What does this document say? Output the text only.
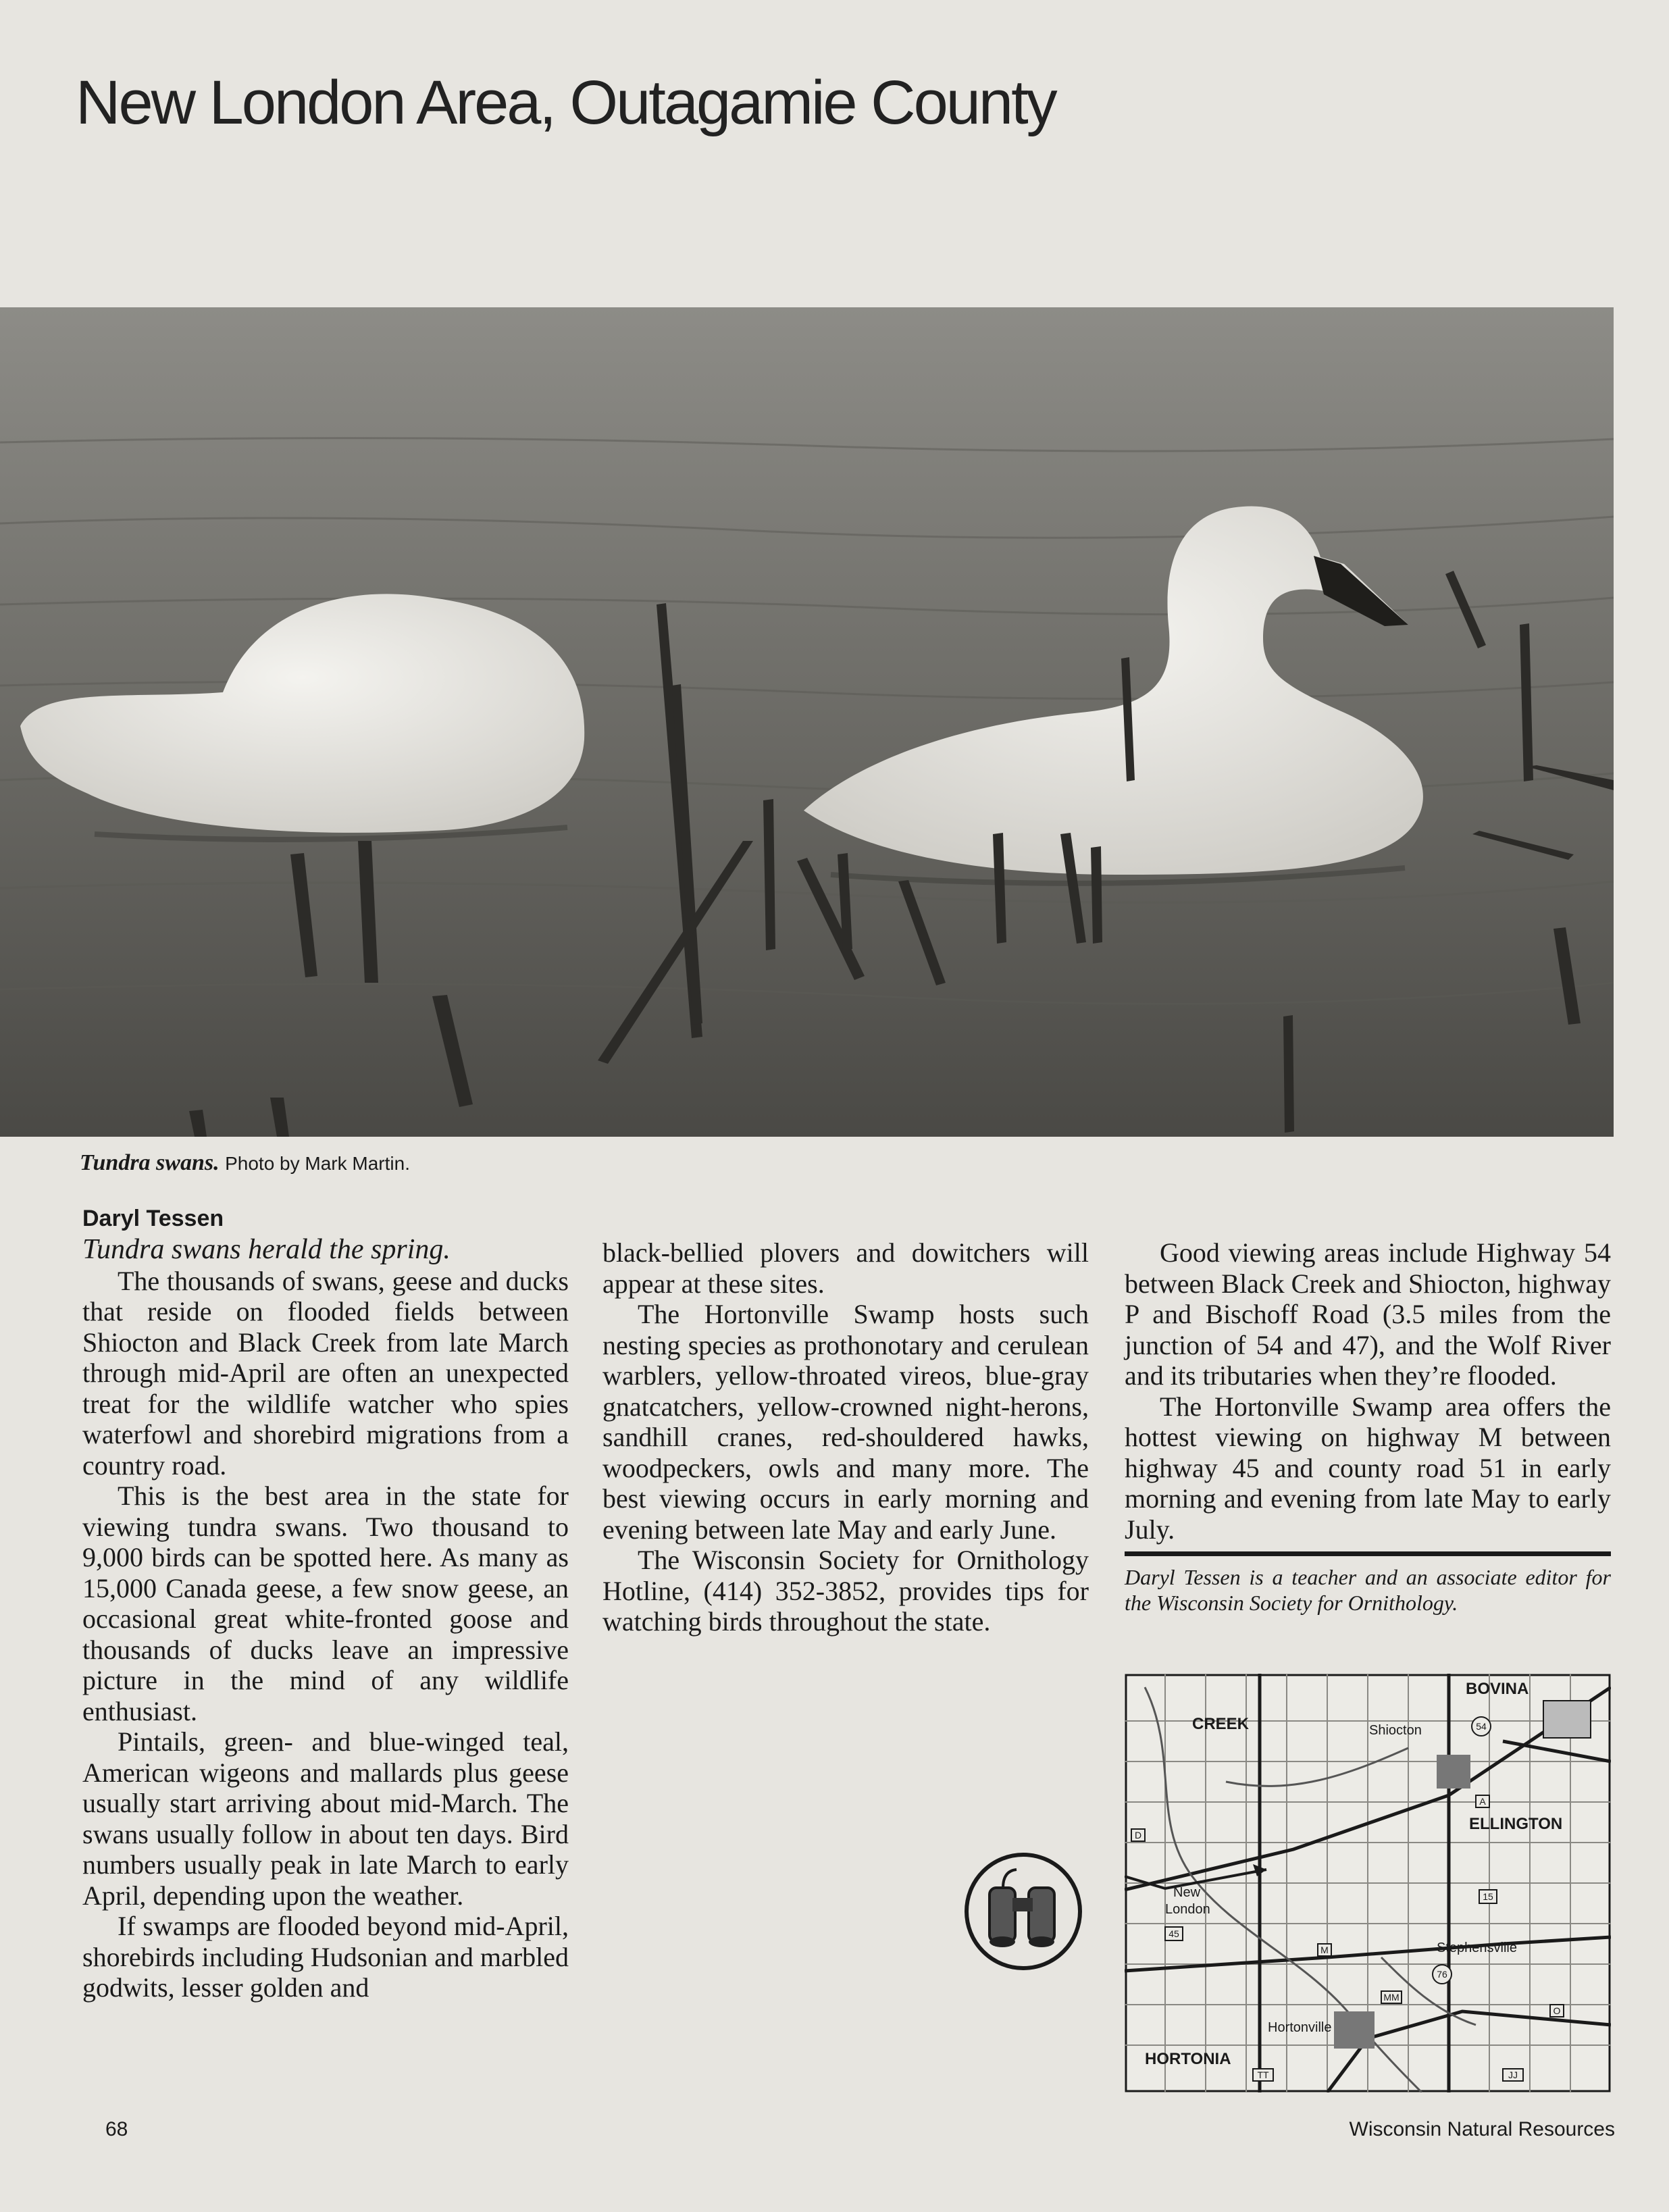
New London Area, Outagamie County
Tundra swans. Photo by Mark Martin.
Daryl Tessen

Tundra swans herald the spring.

The thousands of swans, geese and ducks that reside on flooded fields between Shiocton and Black Creek from late March through mid-April are often an unexpected treat for the wildlife watcher who spies waterfowl and shorebird migrations from a country road.

This is the best area in the state for viewing tundra swans. Two thousand to 9,000 birds can be spotted here. As many as 15,000 Canada geese, a few snow geese, an occasional great white-fronted goose and thousands of ducks leave an impressive picture in the mind of any wildlife enthusiast.

Pintails, green- and blue-winged teal, American wigeons and mallards plus geese usually start arriving about mid-March. The swans usually follow in about ten days. Bird numbers usually peak in late March to early April, depending upon the weather.

If swamps are flooded beyond mid-April, shorebirds including Hudsonian and marbled godwits, lesser golden and

black-bellied plovers and dowitchers will appear at these sites.

The Hortonville Swamp hosts such nesting species as prothonotary and cerulean warblers, yellow-throated vireos, blue-gray gnatcatchers, yellow-crowned night-herons, sandhill cranes, red-shouldered hawks, woodpeckers, owls and many more. The best viewing occurs in early morning and evening between late May and early June.

The Wisconsin Society for Ornithology Hotline, (414) 352-3852, provides tips for watching birds throughout the state.

Good viewing areas include Highway 54 between Black Creek and Shiocton, highway P and Bischoff Road (3.5 miles from the junction of 54 and 47), and the Wolf River and its tributaries when they’re flooded.

The Hortonville Swamp area offers the hottest viewing on highway M between highway 45 and county road 51 in early morning and evening from late May to early July.

Daryl Tessen is a teacher and an associate editor for the Wisconsin Society for Ornithology.

BOVINA
CREEK
ELLINGTON
HORTONIA
Shiocton
New
London
Stephensville
Hortonville
54
76
15
45
A
O
M
MM
TT	JJ
D
68	Wisconsin Natural Resources
